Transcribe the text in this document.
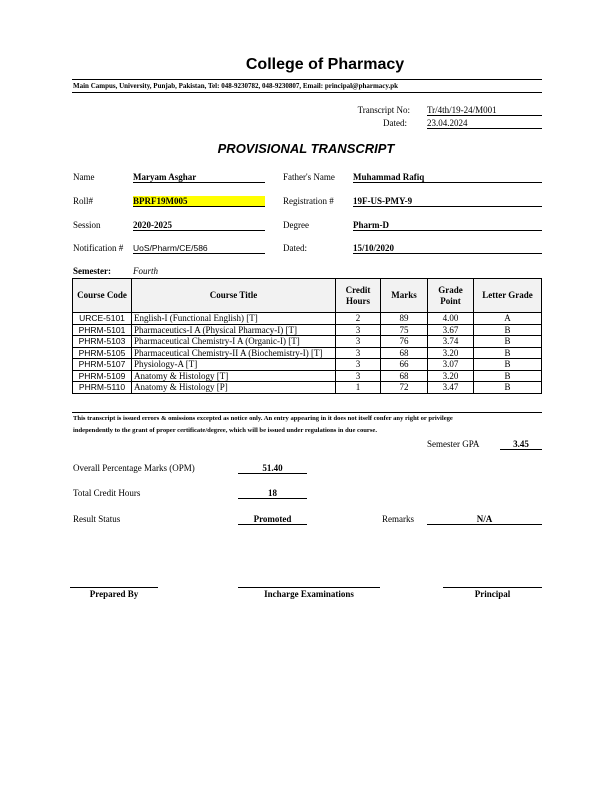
College of Pharmacy
Main Campus, University, Punjab, Pakistan, Tel: 048-9230782, 048-9230807, Email: principal@pharmacy.pk
Transcript No: Tr/4th/19-24/M001
Dated: 23.04.2024
PROVISIONAL TRANSCRIPT
Name	Maryam Asghar	Father's Name Muhammad Rafiq
Roll#	BPRF19M005	Registration # 19F-US-PMY-9
Session	2020-2025	Degree	Pharm-D
Notification # UoS/Pharm/CE/586	Dated:	15/10/2020
Semester: Fourth
Course Code	Course Title	Credit Hours	Marks	Grade Point	Letter Grade
URCE-5101	English-I (Functional English) [T]	2	89	4.00	A
PHRM-5101	Pharmaceutics-I A (Physical Pharmacy-I) [T]	3	75	3.67	B
PHRM-5103	Pharmaceutical Chemistry-I A (Organic-I) [T]	3	76	3.74	B
PHRM-5105	Pharmaceutical Chemistry-II A (Biochemistry-I) [T]	3	68	3.20	B
PHRM-5107	Physiology-A [T]	3	66	3.07	B
PHRM-5109	Anatomy & Histology [T]	3	68	3.20	B
PHRM-5110	Anatomy & Histology [P]	1	72	3.47	B
This transcript is issued errors & omissions excepted as notice only. An entry appearing in it does not itself confer any right or privilege
independently to the grant of proper certificate/degree, which will be issued under regulations in due course.
Semester GPA	3.45
Overall Percentage Marks (OPM)	51.40
Total Credit Hours	18
Result Status	Promoted	Remarks	N/A
Prepared By	Incharge Examinations	Principal
